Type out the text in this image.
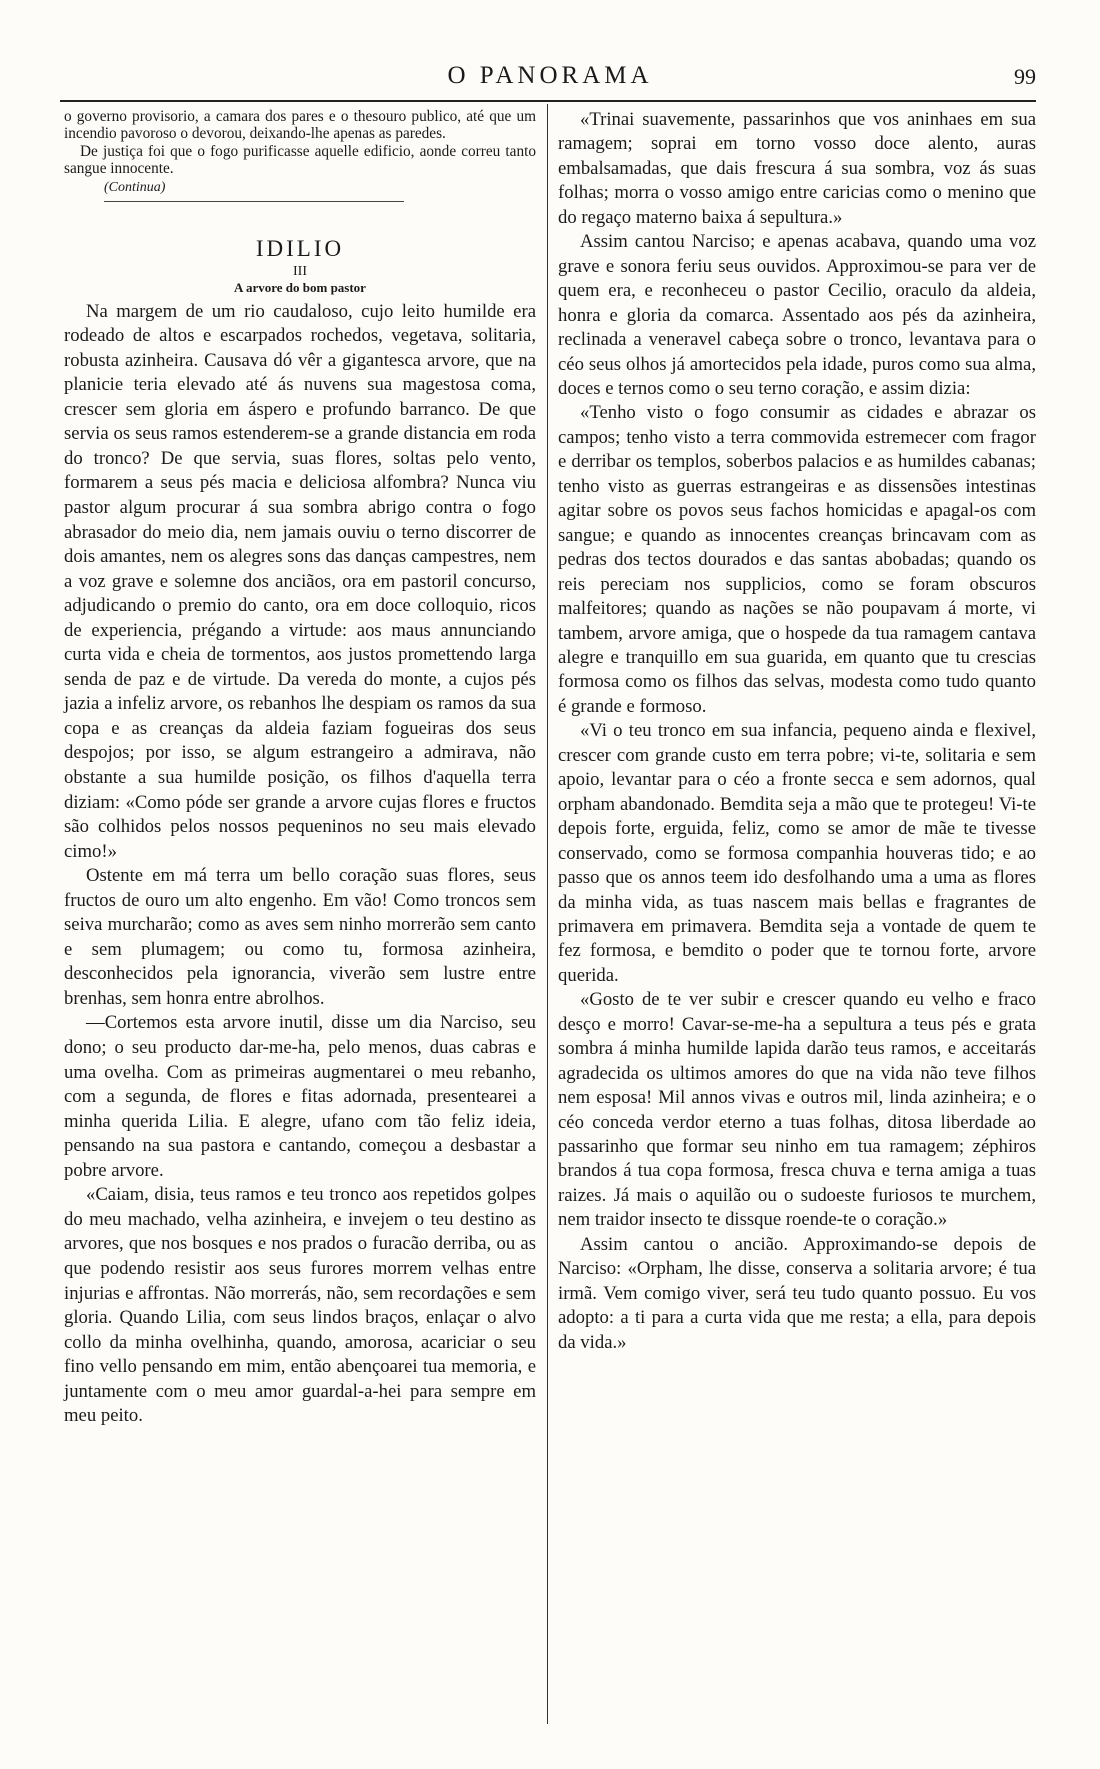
O PANORAMA	99

o governo provisorio, a camara dos pares e o thesouro publico, até que um incendio pavoroso o devorou, deixando-lhe apenas as paredes.

De justiça foi que o fogo purificasse aquelle edificio, aonde correu tanto sangue innocente.

(Continua)
IDILIO
III
A arvore do bom pastor

Na margem de um rio caudaloso, cujo leito humilde era rodeado de altos e escarpados rochedos, vegetava, solitaria, robusta azinheira. Causava dó vêr a gigantesca arvore, que na planicie teria elevado até ás nuvens sua magestosa coma, crescer sem gloria em áspero e profundo barranco. De que servia os seus ramos estenderem-se a grande distancia em roda do tronco? De que servia, suas flores, soltas pelo vento, formarem a seus pés macia e deliciosa alfombra? Nunca viu pastor algum procurar á sua sombra abrigo contra o fogo abrasador do meio dia, nem jamais ouviu o terno discorrer de dois amantes, nem os alegres sons das danças campestres, nem a voz grave e solemne dos anciãos, ora em pastoril concurso, adjudicando o premio do canto, ora em doce colloquio, ricos de experiencia, prégando a virtude: aos maus annunciando curta vida e cheia de tormentos, aos justos promettendo larga senda de paz e de virtude. Da vereda do monte, a cujos pés jazia a infeliz arvore, os rebanhos lhe despiam os ramos da sua copa e as creanças da aldeia faziam fogueiras dos seus despojos; por isso, se algum estrangeiro a admirava, não obstante a sua humilde posição, os filhos d'aquella terra diziam: «Como póde ser grande a arvore cujas flores e fructos são colhidos pelos nossos pequeninos no seu mais elevado cimo!»

Ostente em má terra um bello coração suas flores, seus fructos de ouro um alto engenho. Em vão! Como troncos sem seiva murcharão; como as aves sem ninho morrerão sem canto e sem plumagem; ou como tu, formosa azinheira, desconhecidos pela ignorancia, viverão sem lustre entre brenhas, sem honra entre abrolhos.

—Cortemos esta arvore inutil, disse um dia Narciso, seu dono; o seu producto dar-me-ha, pelo menos, duas cabras e uma ovelha. Com as primeiras augmentarei o meu rebanho, com a segunda, de flores e fitas adornada, presentearei a minha querida Lilia. E alegre, ufano com tão feliz ideia, pensando na sua pastora e cantando, começou a desbastar a pobre arvore.

«Caiam, disia, teus ramos e teu tronco aos repetidos golpes do meu machado, velha azinheira, e invejem o teu destino as arvores, que nos bosques e nos prados o furacão derriba, ou as que podendo resistir aos seus furores morrem velhas entre injurias e affrontas. Não morrerás, não, sem recordações e sem gloria. Quando Lilia, com seus lindos braços, enlaçar o alvo collo da minha ovelhinha, quando, amorosa, acariciar o seu fino vello pensando em mim, então abençoarei tua memoria, e juntamente com o meu amor guardal-a-hei para sempre em meu peito.

«Trinai suavemente, passarinhos que vos aninhaes em sua ramagem; soprai em torno vosso doce alento, auras embalsamadas, que dais frescura á sua sombra, voz ás suas folhas; morra o vosso amigo entre caricias como o menino que do regaço materno baixa á sepultura.»

Assim cantou Narciso; e apenas acabava, quando uma voz grave e sonora feriu seus ouvidos. Approximou-se para ver de quem era, e reconheceu o pastor Cecilio, oraculo da aldeia, honra e gloria da comarca. Assentado aos pés da azinheira, reclinada a veneravel cabeça sobre o tronco, levantava para o céo seus olhos já amortecidos pela idade, puros como sua alma, doces e ternos como o seu terno coração, e assim dizia:

«Tenho visto o fogo consumir as cidades e abrazar os campos; tenho visto a terra commovida estremecer com fragor e derribar os templos, soberbos palacios e as humildes cabanas; tenho visto as guerras estrangeiras e as dissensões intestinas agitar sobre os povos seus fachos homicidas e apagal-os com sangue; e quando as innocentes creanças brincavam com as pedras dos tectos dourados e das santas abobadas; quando os reis pereciam nos supplicios, como se foram obscuros malfeitores; quando as nações se não poupavam á morte, vi tambem, arvore amiga, que o hospede da tua ramagem cantava alegre e tranquillo em sua guarida, em quanto que tu crescias formosa como os filhos das selvas, modesta como tudo quanto é grande e formoso.

«Vi o teu tronco em sua infancia, pequeno ainda e flexivel, crescer com grande custo em terra pobre; vi-te, solitaria e sem apoio, levantar para o céo a fronte secca e sem adornos, qual orpham abandonado. Bemdita seja a mão que te protegeu! Vi-te depois forte, erguida, feliz, como se amor de mãe te tivesse conservado, como se formosa companhia houveras tido; e ao passo que os annos teem ido desfolhando uma a uma as flores da minha vida, as tuas nascem mais bellas e fragrantes de primavera em primavera. Bemdita seja a vontade de quem te fez formosa, e bemdito o poder que te tornou forte, arvore querida.

«Gosto de te ver subir e crescer quando eu velho e fraco desço e morro! Cavar-se-me-ha a sepultura a teus pés e grata sombra á minha humilde lapida darão teus ramos, e acceitarás agradecida os ultimos amores do que na vida não teve filhos nem esposa! Mil annos vivas e outros mil, linda azinheira; e o céo conceda verdor eterno a tuas folhas, ditosa liberdade ao passarinho que formar seu ninho em tua ramagem; zéphiros brandos á tua copa formosa, fresca chuva e terna amiga a tuas raizes. Já mais o aquilão ou o sudoeste furiosos te murchem, nem traidor insecto te dissque roende-te o coração.»

Assim cantou o ancião. Approximando-se depois de Narciso: «Orpham, lhe disse, conserva a solitaria arvore; é tua irmã. Vem comigo viver, será teu tudo quanto possuo. Eu vos adopto: a ti para a curta vida que me resta; a ella, para depois da vida.»
